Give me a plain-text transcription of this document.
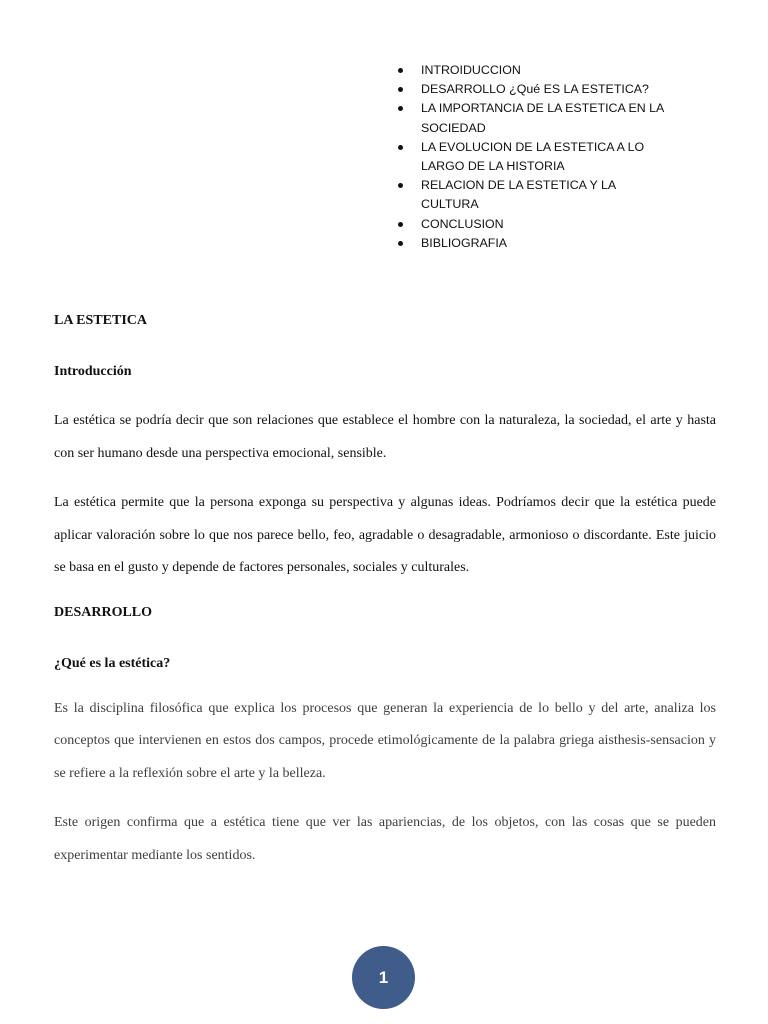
INTROIDUCCION
DESARROLLO ¿Qué ES LA ESTETICA?
LA IMPORTANCIA DE LA ESTETICA EN LA SOCIEDAD
LA EVOLUCION DE LA ESTETICA A LO LARGO DE LA HISTORIA
RELACION DE LA ESTETICA Y LA CULTURA
CONCLUSION
BIBLIOGRAFIA

LA ESTETICA

Introducción

La estética se podría decir que son relaciones que establece el hombre con la naturaleza, la sociedad, el arte y hasta con ser humano desde una perspectiva emocional, sensible.

La estética permite que la persona exponga su perspectiva y algunas ideas. Podríamos decir que la estética puede aplicar valoración sobre lo que nos parece bello, feo, agradable o desagradable, armonioso o discordante. Este juicio se basa en el gusto y depende de factores personales, sociales y culturales.

DESARROLLO

¿Qué es la estética?

Es la disciplina filosófica que explica los procesos que generan la experiencia de lo bello y del arte, analiza los conceptos que intervienen en estos dos campos, procede etimológicamente de la palabra griega aisthesis-sensacion y se refiere a la reflexión sobre el arte y la belleza.

Este origen confirma que a estética tiene que ver las apariencias, de los objetos, con las cosas que se pueden experimentar mediante los sentidos.

1
